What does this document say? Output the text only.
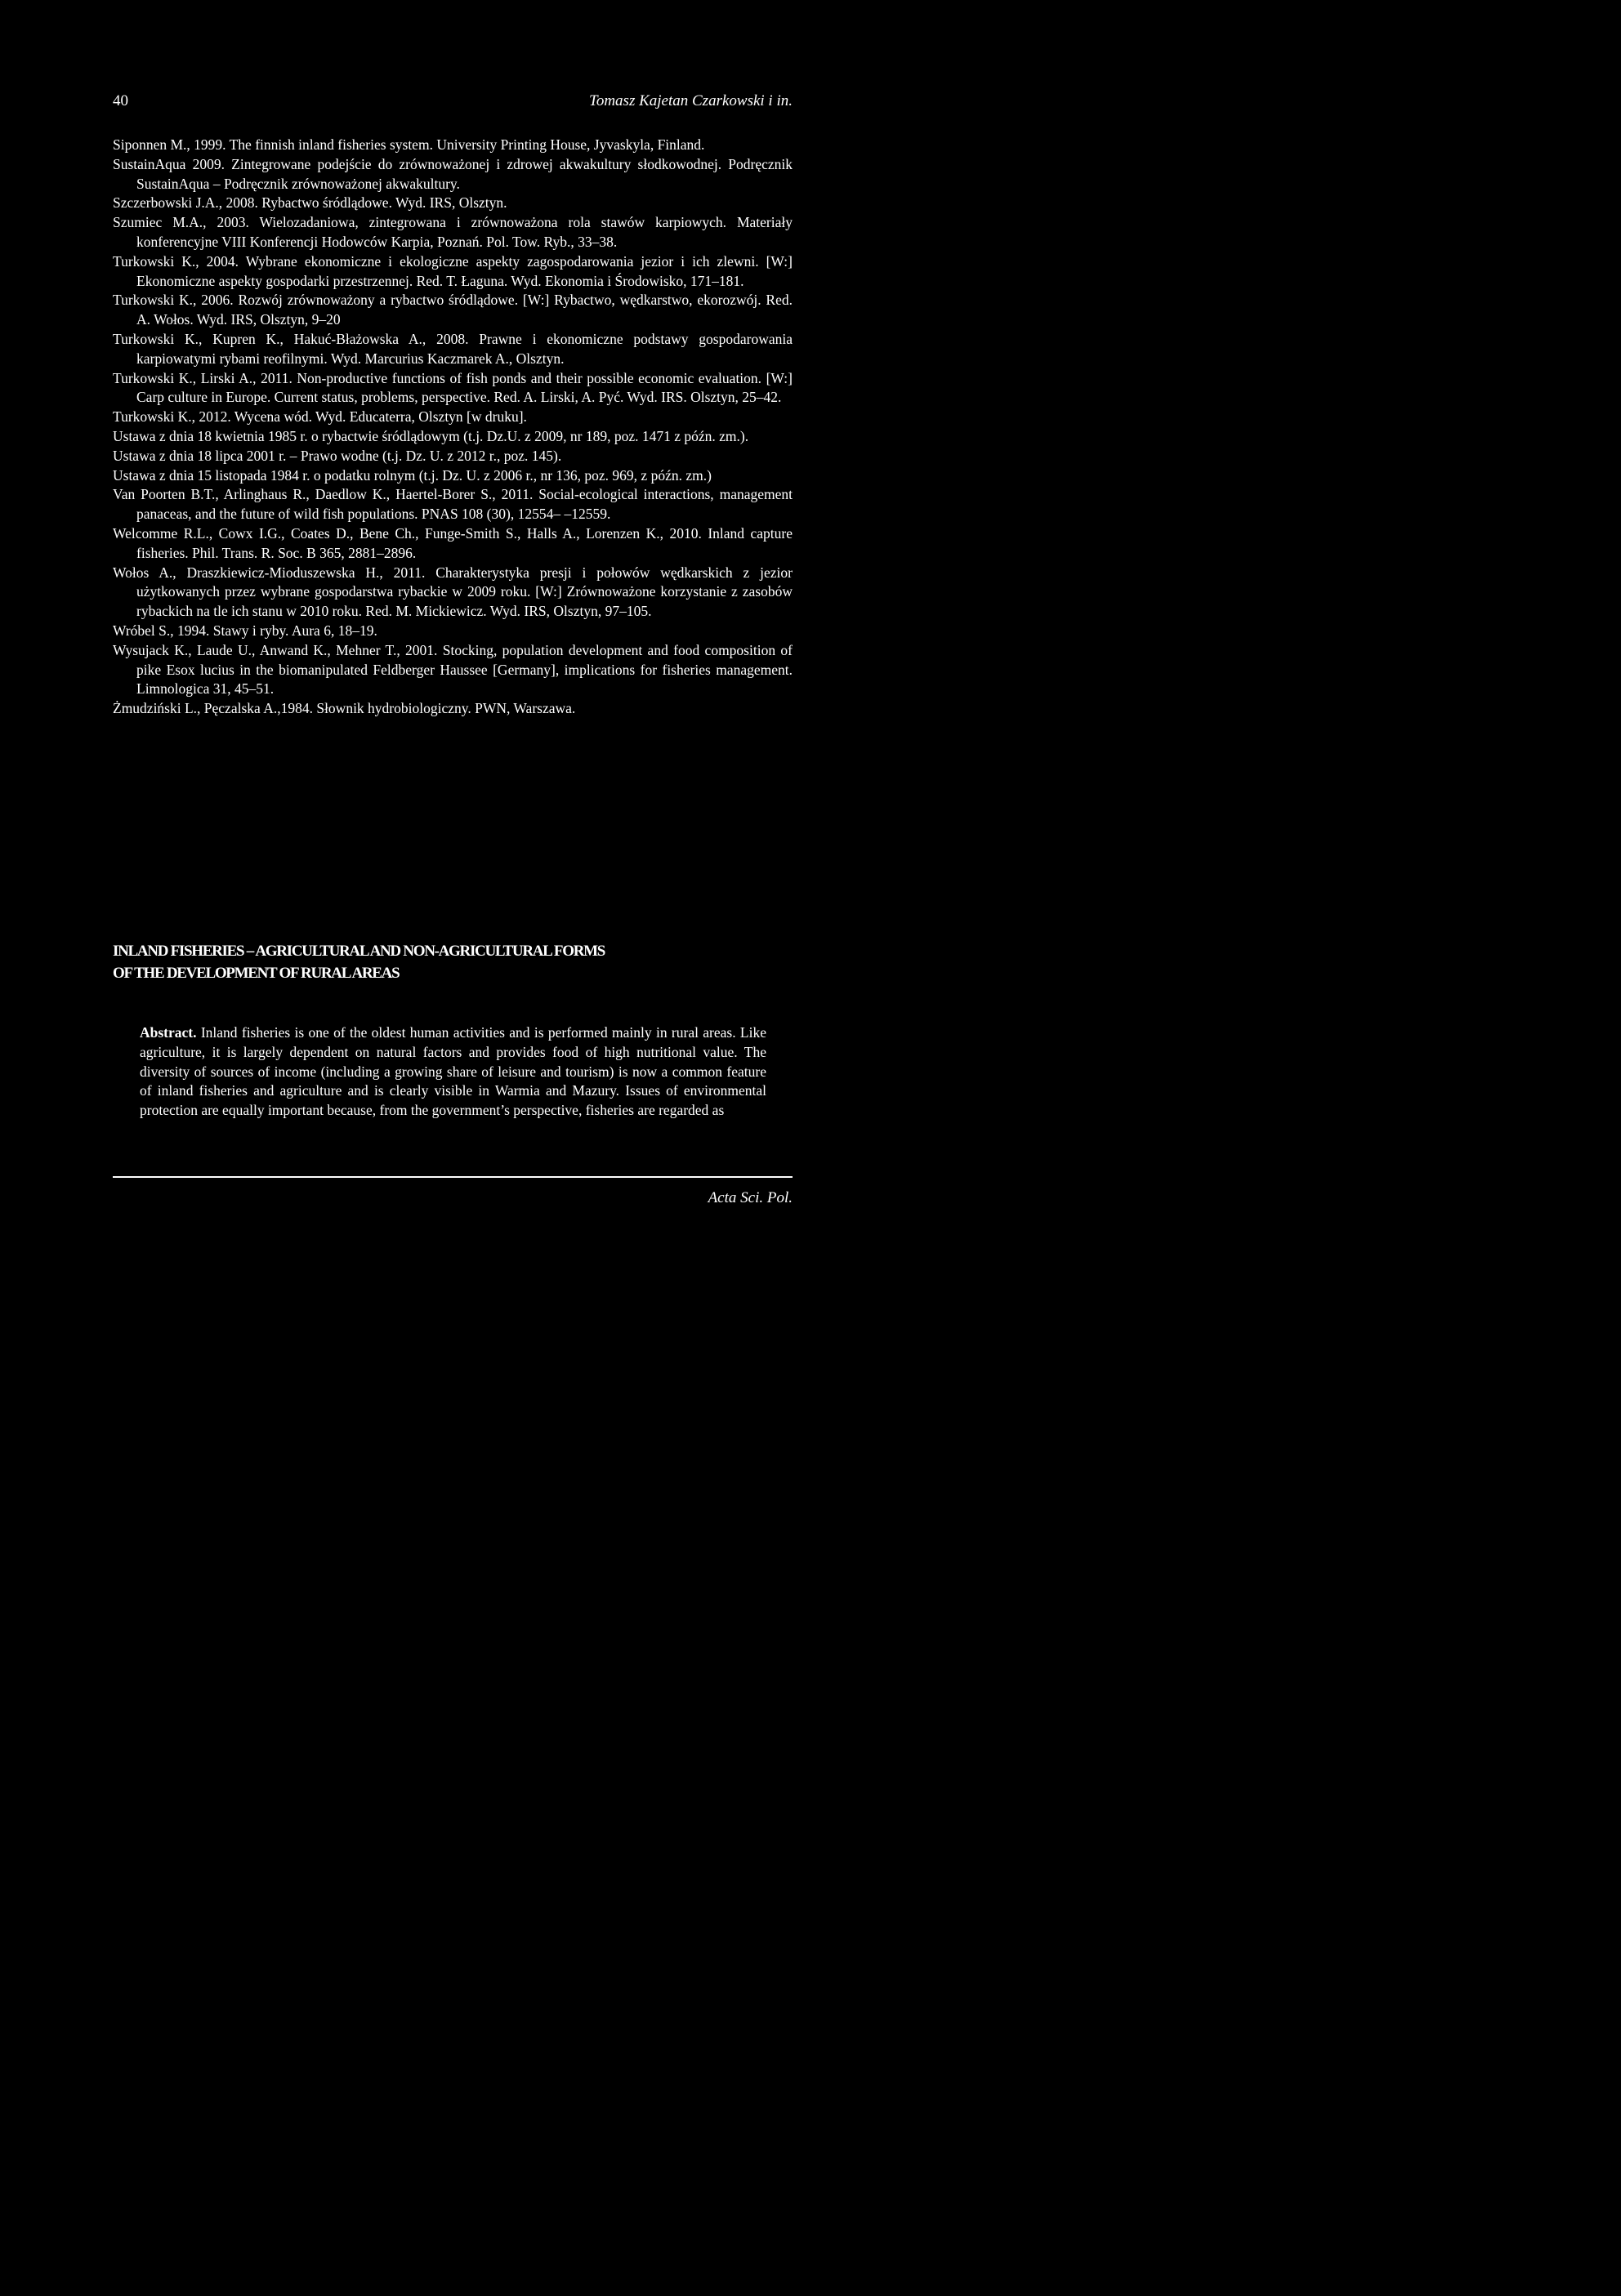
40	Tomasz Kajetan Czarkowski i in.
Siponnen M., 1999. The finnish inland fisheries system. University Printing House, Jyvaskyla, Finland.
SustainAqua 2009. Zintegrowane podejście do zrównoważonej i zdrowej akwakultury słodkowodnej. Podręcznik SustainAqua – Podręcznik zrównoważonej akwakultury.
Szczerbowski J.A., 2008. Rybactwo śródlądowe. Wyd. IRS, Olsztyn.
Szumiec M.A., 2003. Wielozadaniowa, zintegrowana i zrównoważona rola stawów karpiowych. Materiały konferencyjne VIII Konferencji Hodowców Karpia, Poznań. Pol. Tow. Ryb., 33–38.
Turkowski K., 2004. Wybrane ekonomiczne i ekologiczne aspekty zagospodarowania jezior i ich zlewni. [W:] Ekonomiczne aspekty gospodarki przestrzennej. Red. T. Łaguna. Wyd. Ekonomia i Środowisko, 171–181.
Turkowski K., 2006. Rozwój zrównoważony a rybactwo śródlądowe. [W:] Rybactwo, wędkarstwo, ekorozwój. Red. A. Wołos. Wyd. IRS, Olsztyn, 9–20
Turkowski K., Kupren K., Hakuć-Błażowska A., 2008. Prawne i ekonomiczne podstawy gospodarowania karpiowatymi rybami reofilnymi. Wyd. Marcurius Kaczmarek A., Olsztyn.
Turkowski K., Lirski A., 2011. Non-productive functions of fish ponds and their possible economic evaluation. [W:] Carp culture in Europe. Current status, problems, perspective. Red. A. Lirski, A. Pyć. Wyd. IRS. Olsztyn, 25–42.
Turkowski K., 2012. Wycena wód. Wyd. Educaterra, Olsztyn [w druku].
Ustawa z dnia 18 kwietnia 1985 r. o rybactwie śródlądowym (t.j. Dz.U. z 2009, nr 189, poz. 1471 z późn. zm.).
Ustawa z dnia 18 lipca 2001 r. – Prawo wodne (t.j. Dz. U. z 2012 r., poz. 145).
Ustawa z dnia 15 listopada 1984 r. o podatku rolnym (t.j. Dz. U. z 2006 r., nr 136, poz. 969, z późn. zm.)
Van Poorten B.T., Arlinghaus R., Daedlow K., Haertel-Borer S., 2011. Social-ecological interactions, management panaceas, and the future of wild fish populations. PNAS 108 (30), 12554– –12559.
Welcomme R.L., Cowx I.G., Coates D., Bene Ch., Funge-Smith S., Halls A., Lorenzen K., 2010. Inland capture fisheries. Phil. Trans. R. Soc. B 365, 2881–2896.
Wołos A., Draszkiewicz-Mioduszewska H., 2011. Charakterystyka presji i połowów wędkarskich z jezior użytkowanych przez wybrane gospodarstwa rybackie w 2009 roku. [W:] Zrównoważone korzystanie z zasobów rybackich na tle ich stanu w 2010 roku. Red. M. Mickiewicz. Wyd. IRS, Olsztyn, 97–105.
Wróbel S., 1994. Stawy i ryby. Aura 6, 18–19.
Wysujack K., Laude U., Anwand K., Mehner T., 2001. Stocking, population development and food composition of pike Esox lucius in the biomanipulated Feldberger Haussee [Germany], implications for fisheries management. Limnologica 31, 45–51.
Żmudziński L., Pęczalska A.,1984. Słownik hydrobiologiczny. PWN, Warszawa.
INLAND FISHERIES – AGRICULTURAL AND NON-AGRICULTURAL FORMS
OF THE DEVELOPMENT OF RURAL AREAS

Abstract. Inland fisheries is one of the oldest human activities and is performed mainly in rural areas. Like agriculture, it is largely dependent on natural factors and provides food of high nutritional value. The diversity of sources of income (including a growing share of leisure and tourism) is now a common feature of inland fisheries and agriculture and is clearly visible in Warmia and Mazury. Issues of environmental protection are equally important because, from the government’s perspective, fisheries are regarded as

Acta Sci. Pol.
